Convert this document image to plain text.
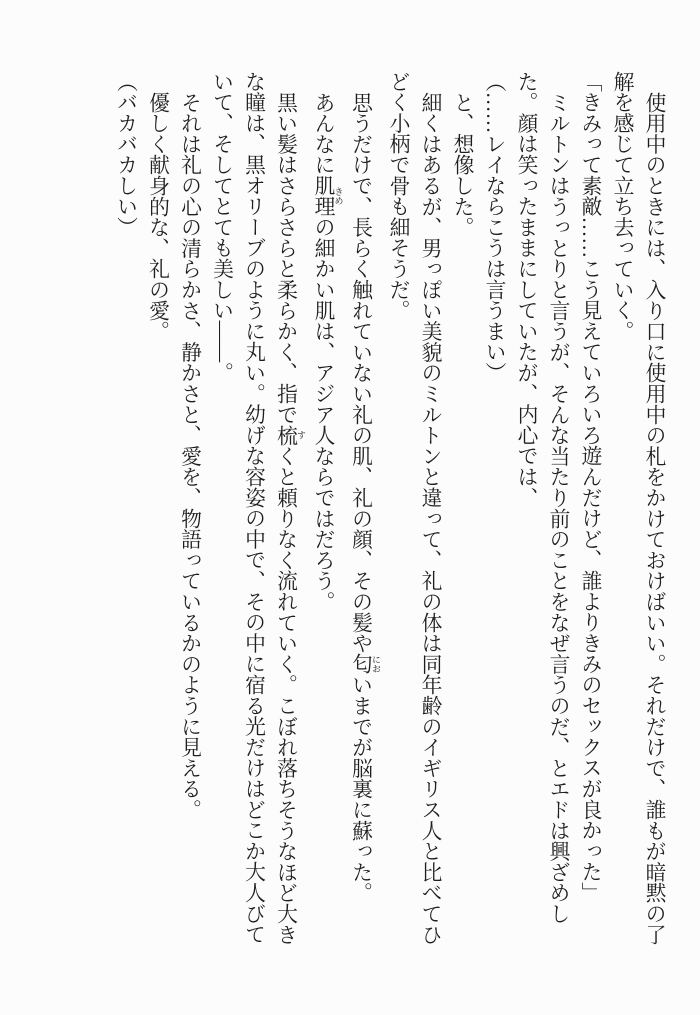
使用中のときには、入り口に使用中の札をかけておけばいい。それだけで、誰もが暗黙の了
解を感じて立ち去っていく。
「きみって素敵……こう見えていろいろ遊んだけど、誰よりきみのセックスが良かった」
ミルトンはうっとりと言うが、そんな当たり前のことをなぜ言うのだ、とエドは興ざめし
た。顔は笑ったままにしていたが、内心では、
（……レイならこうは言うまい）
と、想像した。
細くはあるが、男っぽい美貌のミルトンと違って、礼の体は同年齢のイギリス人と比べてひ
どく小柄で骨も細そうだ。
思うだけで、長らく触れていない礼の肌、礼の顔、その髪や匂 においまでが脳裏に蘇った。
あんなに肌理 きめの細かい肌は、アジア人ならではだろう。
黒い髪はさらさらと柔らかく、指で梳 すくと頼りなく流れていく。こぼれ落ちそうなほど大き
な瞳は、黒オリーブのように丸い。幼げな容姿の中で、その中に宿る光だけはどこか大人びて
いて、そしてとても美しい——。
それは礼の心の清らかさ、静かさと、愛を、物語っているかのように見える。
優しく献身的な、礼の愛。
（バカバカしい）
